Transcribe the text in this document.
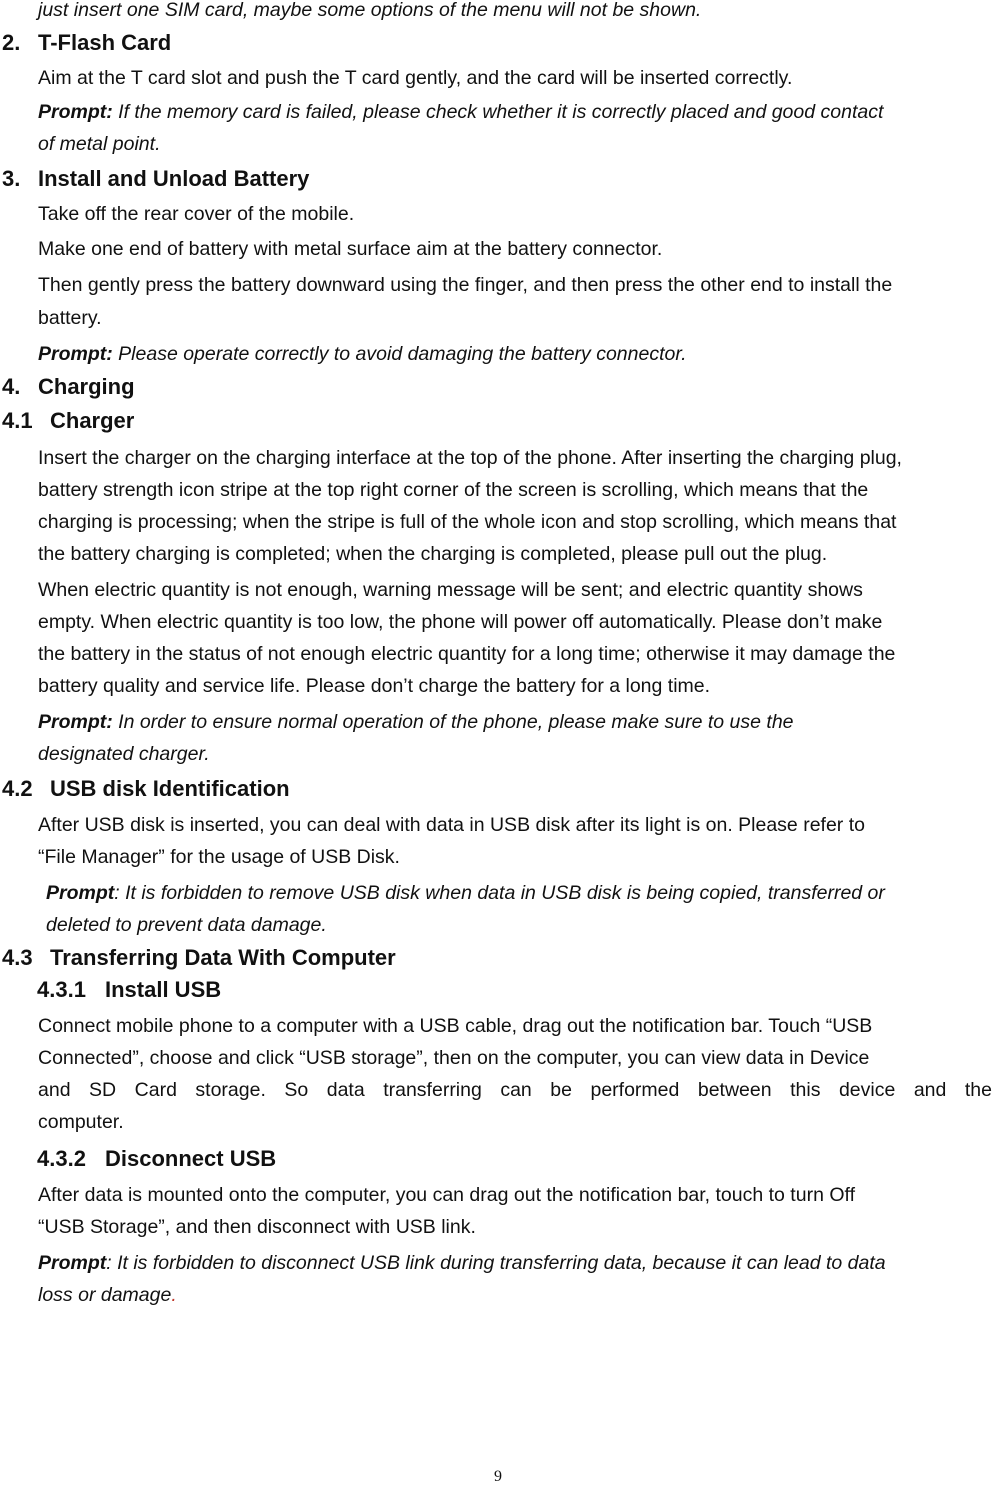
just insert one SIM card, maybe some options of the menu will not be shown.
2. T-Flash Card
Aim at the T card slot and push the T card gently, and the card will be inserted correctly.
Prompt: If the memory card is failed, please check whether it is correctly placed and good contact
of metal point.
3. Install and Unload Battery
Take off the rear cover of the mobile.
Make one end of battery with metal surface aim at the battery connector.
Then gently press the battery downward using the finger, and then press the other end to install the
battery.
Prompt: Please operate correctly to avoid damaging the battery connector.
4. Charging
4.1 Charger
Insert the charger on the charging interface at the top of the phone. After inserting the charging plug,
battery strength icon stripe at the top right corner of the screen is scrolling, which means that the
charging is processing; when the stripe is full of the whole icon and stop scrolling, which means that
the battery charging is completed; when the charging is completed, please pull out the plug.
When electric quantity is not enough, warning message will be sent; and electric quantity shows
empty. When electric quantity is too low, the phone will power off automatically. Please don’t make
the battery in the status of not enough electric quantity for a long time; otherwise it may damage the
battery quality and service life. Please don’t charge the battery for a long time.
Prompt: In order to ensure normal operation of the phone, please make sure to use the
designated charger.
4.2 USB disk Identification
After USB disk is inserted, you can deal with data in USB disk after its light is on. Please refer to
“File Manager” for the usage of USB Disk.
Prompt: It is forbidden to remove USB disk when data in USB disk is being copied, transferred or
deleted to prevent data damage.
4.3 Transferring Data With Computer
4.3.1 Install USB
Connect mobile phone to a computer with a USB cable, drag out the notification bar. Touch “USB
Connected”, choose and click “USB storage”, then on the computer, you can view data in Device
and SD Card storage. So data transferring can be performed between this device and the
computer.
4.3.2 Disconnect USB
After data is mounted onto the computer, you can drag out the notification bar, touch to turn Off
“USB Storage”, and then disconnect with USB link.
Prompt: It is forbidden to disconnect USB link during transferring data, because it can lead to data
loss or damage.
9
